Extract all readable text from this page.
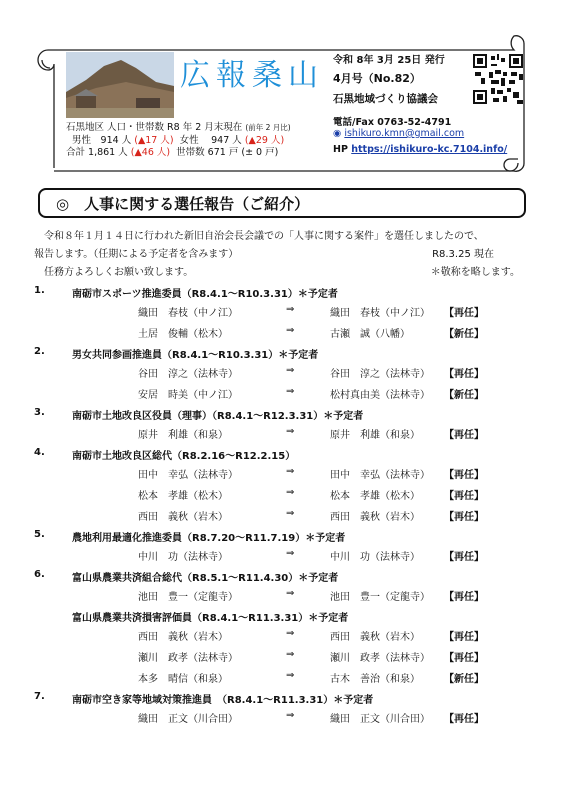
広報桑山 令和 8年 3月 25日 発行
4月号（No.82）
石黒地域づくり協議会
電話/Fax 0763-52-4791
◉ ishikuro.kmn@gmail.com
HP https://ishikuro-kc.7104.info/
石黒地区 人口・世帯数 R8 年 2 月末現在 (前年 2 月比)
男性　914 人 (▲17 人) 女性　 947 人 (▲29 人)
合計 1,861 人 (▲46 人) 世帯数 671 戸 (± 0 戸)
◎　人事に関する選任報告（ご紹介）
　令和８年１月１４日に行われた新旧自治会長会議での「人事に関する案件」を選任しましたので、
報告します。（任期による予定者を含みます）	R8.3.25 現在
　任務方よろしくお願い致します。	＊敬称を略します。
1.	南砺市スポーツ推進委員（R8.4.1～R10.3.31）＊予定者
織田　春枝（中ノ江）	⇒	織田　春枝（中ノ江） 【再任】
土居　俊輔（松木）	⇒	古瀬　誠（八幡）	【新任】
2.	男女共同参画推進員（R8.4.1～R10.3.31）＊予定者
谷田　淳之（法林寺）	⇒	谷田　淳之（法林寺） 【再任】
安居　時美（中ノ江）	⇒	松村真由美（法林寺） 【新任】
3.	南砺市土地改良区役員（理事）（R8.4.1～R12.3.31）＊予定者
原井　利雄（和泉）	⇒	原井　利雄（和泉） 【再任】
4.	南砺市土地改良区総代（R8.2.16～R12.2.15）
田中　幸弘（法林寺）	⇒	田中　幸弘（法林寺） 【再任】
松本　孝雄（松木）	⇒	松本　孝雄（松木） 【再任】
西田　義秋（岩木）	⇒	西田　義秋（岩木） 【再任】
5.	農地利用最適化推進委員（R8.7.20～R11.7.19）＊予定者
中川　功（法林寺）	⇒	中川　功（法林寺） 【再任】
6.	富山県農業共済組合総代（R8.5.1～R11.4.30）＊予定者
池田　豊一（定龍寺）	⇒	池田　豊一（定龍寺） 【再任】
富山県農業共済損害評価員（R8.4.1～R11.3.31）＊予定者
西田　義秋（岩木）	⇒	西田　義秋（岩木） 【再任】
瀬川　政孝（法林寺）	⇒	瀬川　政孝（法林寺） 【再任】
本多　晴信（和泉）	⇒	古木　善治（和泉） 【新任】
7.	南砺市空き家等地域対策推進員　（R8.4.1～R11.3.31）＊予定者
織田　正文（川合田）	⇒	織田　正文（川合田） 【再任】
